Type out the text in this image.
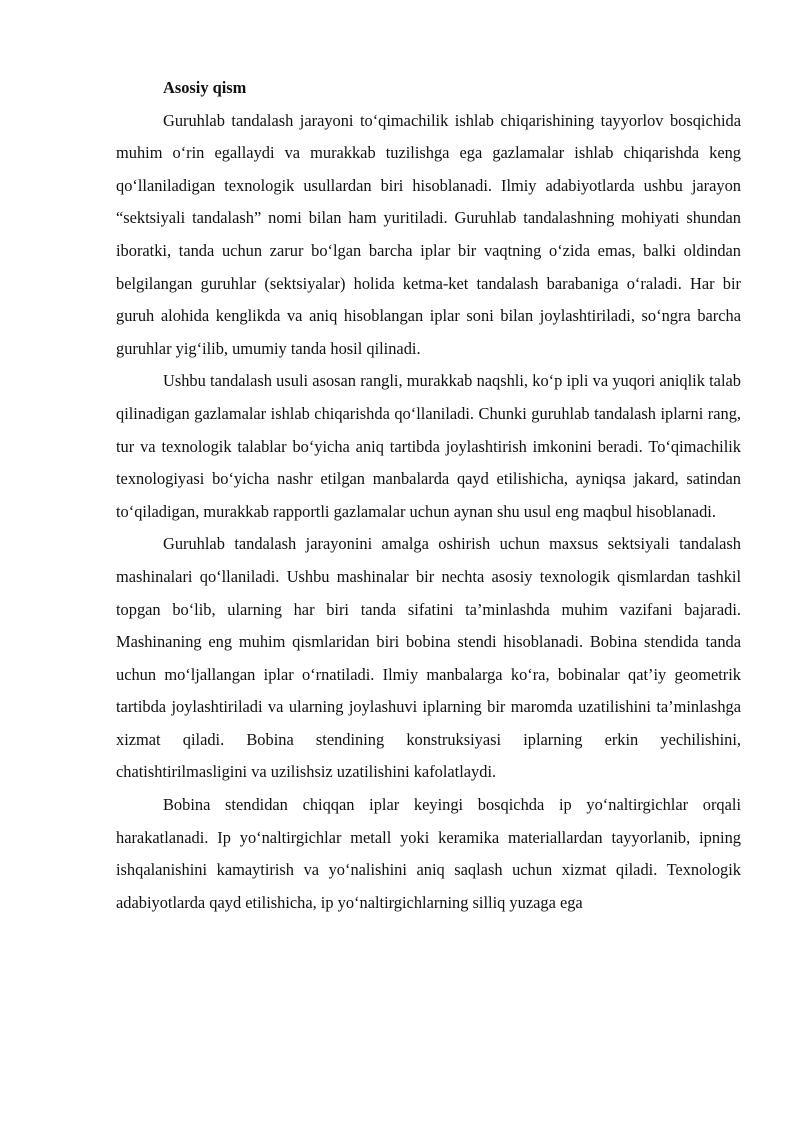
Asosiy qism

Guruhlab tandalash jarayoni to‘qimachilik ishlab chiqarishining tayyorlov bosqichida muhim o‘rin egallaydi va murakkab tuzilishga ega gazlamalar ishlab chiqarishda keng qo‘llaniladigan texnologik usullardan biri hisoblanadi. Ilmiy adabiyotlarda ushbu jarayon “sektsiyali tandalash” nomi bilan ham yuritiladi. Guruhlab tandalashning mohiyati shundan iboratki, tanda uchun zarur bo‘lgan barcha iplar bir vaqtning o‘zida emas, balki oldindan belgilangan guruhlar (sektsiyalar) holida ketma-ket tandalash barabaniga o‘raladi. Har bir guruh alohida kenglikda va aniq hisoblangan iplar soni bilan joylashtiriladi, so‘ngra barcha guruhlar yig‘ilib, umumiy tanda hosil qilinadi.

Ushbu tandalash usuli asosan rangli, murakkab naqshli, ko‘p ipli va yuqori aniqlik talab qilinadigan gazlamalar ishlab chiqarishda qo‘llaniladi. Chunki guruhlab tandalash iplarni rang, tur va texnologik talablar bo‘yicha aniq tartibda joylashtirish imkonini beradi. To‘qimachilik texnologiyasi bo‘yicha nashr etilgan manbalarda qayd etilishicha, ayniqsa jakard, satindan to‘qiladigan, murakkab rapportli gazlamalar uchun aynan shu usul eng maqbul hisoblanadi.

Guruhlab tandalash jarayonini amalga oshirish uchun maxsus sektsiyali tandalash mashinalari qo‘llaniladi. Ushbu mashinalar bir nechta asosiy texnologik qismlardan tashkil topgan bo‘lib, ularning har biri tanda sifatini ta’minlashda muhim vazifani bajaradi. Mashinaning eng muhim qismlaridan biri bobina stendi hisoblanadi. Bobina stendida tanda uchun mo‘ljallangan iplar o‘rnatiladi. Ilmiy manbalarga ko‘ra, bobinalar qat’iy geometrik tartibda joylashtiriladi va ularning joylashuvi iplarning bir maromda uzatilishini ta’minlashga xizmat qiladi. Bobina stendining konstruksiyasi iplarning erkin yechilishini, chatishtirilmasligini va uzilishsiz uzatilishini kafolatlaydi.

Bobina stendidan chiqqan iplar keyingi bosqichda ip yo‘naltirgichlar orqali harakatlanadi. Ip yo‘naltirgichlar metall yoki keramika materiallardan tayyorlanib, ipning ishqalanishini kamaytirish va yo‘nalishini aniq saqlash uchun xizmat qiladi. Texnologik adabiyotlarda qayd etilishicha, ip yo‘naltirgichlarning silliq yuzaga ega
